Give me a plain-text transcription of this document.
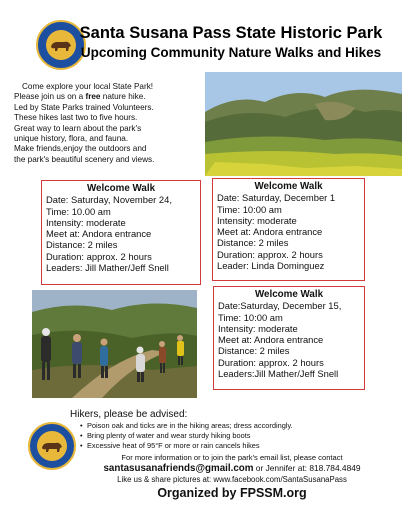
Santa Susana Pass State Historic Park
Upcoming Community Nature Walks and Hikes
Come explore your local State Park!
Please join us on a free nature hike.
Led by State Parks trained Volunteers.
These hikes last two to five hours.
Great way to learn about the park's
unique history, flora, and fauna.
Make friends,enjoy the outdoors and
the park's beautiful scenery and views.
Welcome Walk
Date: Saturday, November 24,
Time: 10.00 am
Intensity: moderate
Meet at: Andora entrance
Distance: 2 miles
Duration: approx. 2 hours
Leaders: Jill Mather/Jeff Snell
Welcome Walk
Date: Saturday, December 1
Time: 10:00 am
Intensity: moderate
Meet at: Andora entrance
Distance: 2 miles
Duration: approx. 2 hours
Leader: Linda Dominguez
Welcome Walk
Date:Saturday, December 15,
Time: 10:00 am
Intensity: moderate
Meet at: Andora entrance
Distance: 2 miles
Duration: approx. 2 hours
Leaders:Jill Mather/Jeff Snell
Hikers, please be advised:
• Poison oak and ticks are in the hiking areas; dress accordingly.
• Bring plenty of water and wear sturdy hiking boots
• Excessive heat of 95°F or more or rain cancels hikes
For more information or to join the park's email list, please contact
santasusanafriends@gmail.com or Jennifer at: 818.784.4849
Like us & share pictures at: www.facebook.com/SantaSusanaPass
Organized by FPSSM.org
